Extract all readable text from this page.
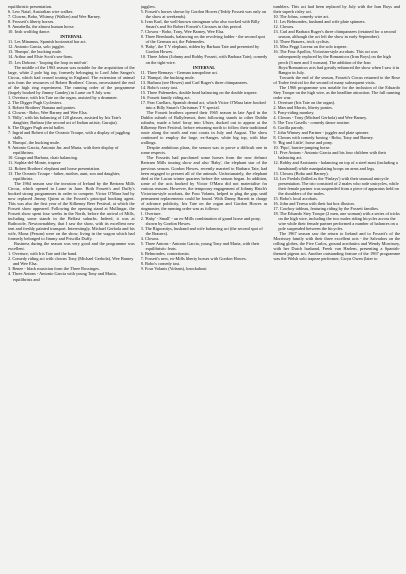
equilibristic presentation.

6. Lew Natal, Australian wire walker.

7. Clowns, Bobo, Whimsy (Walker) and Wee Barney.

8. Frossett's liberty horses.

9. Annabella, the almost human horse.

10. Irish wolfdog dance.

INTERVAL

11. Les Minamus, Spanish horizontal bar act.

12. Antonio Garcia, solo juggler.

13. 'Bumpa', the bucking mule.

14. Arthur and Elsie Scott's sea-lions.

15. Les Dobons - 'looping the loop in mid-air'.

The middle of the 1963 season was notable for the acquisition of the large, white 2 pole big top, formerly belonging to Lord John Sanger's Circus, which had ceased touring in England. The extension of animal acts from the resources of Robert Brothers' Circus, necessitated the end of the high ring experiment. The running order of the programme (largely booked by Jimmy Gandey) in Larne on 9 July was:

1. Overture, with Iris Tate on the organ, assisted by a drummer.

2. The Digger Pugh Cyclesters.

3. Robert Brothers' Banana and ponies.

4. Clowns - Bobo, Wee Barney and Wee Elsa.

5. 'Billy', with his balancing of 120 glasses, assisted by Iris Tate's daughter, Barbara (the second act of Indian artiste, Gurujia).

6. The Digger Pugh aerial ballet.

7. Ingrid and Robert of the Oceanic Troupe, with a display of juggling skills.

8. 'Bumpa', the bucking mule.

9. Antonio Garcia, Antonio Jnr. and Maria, with their display of equilibrism.

10. Gauga and Barbara, chair balancing.

11. Sophia-del-Monte, trapeze

12. Robert Brothers' elephant and horse presentation.

13. The Oceanic Troupe - father, mother, aunt, son and daughter, equilibrists.

The 1964 season saw the invasion of Ireland by the Bertram Mills Circus, which opened in Larne in June. Both Fossett's and Duffy's booked strong programmes in order to compete. Victor O'Mara had by now replaced Jimmy Quinn as the Fossett's principal booking agent. This was also the first year of the Kilkenny Beer Festival, at which the Fossett show appeared. Following the opening stand at Mullingar, the Fossett show spent four weeks in the North, before the arrival of Mills, including some stands in the Belfast suburbs. Indeed, it was at Rathcoole, Newtownabbey, that I saw the show, with its excellent new tent and freshly painted transport. Interestingly, Michael Gerbola and his wife, Mona (Pesum) were on the show, living in the wagon which had formerly belonged to Jimmy and Priscilla Duffy.

Business during the season was very good and the programme was excellent.

1. Overture, with Iris Tate and the band.

2. Comedy riding act with clowns Tony (Michael Gerbola), Wee Barney and Wee Elsa.

3. Renee - black musician from the Three Rossinges.

4. Three Antons - Antonio Garcia with young Tony and Maria, equilibrists and

jugglers.

5. Fossett's horses shown by Gordon Howes (Teddy Fossett was only on the show at weekends).

6. Ivan Karl, the well-known strongman who also worked with Billy Smart's and Sir Robert Fossett's Circuses in this period.

7. Clowns - Bobo, Tony, Wee Barney, Wee Elsa.

8. Three Bernhards, balancing on the revolving ladder - the second spot of the German act, the Palemedes.

9. 'Baby', the T V elephant, ridden by Barbara Tate and presented by Gordon Howes.

10. Three Johns (Johnny and Bobby Fossett, with Barbara Tate), comedy on the tight-wire.

INTERVAL

11. Three Rennays - German trampoline act.

12. 'Bumpa', the bucking mule.

13. Barbara (see Howes) and Carl Ruger's three chimpanzees.

14. Bobo's crazy taxi.

15. Three Palemedes, double head balancing on the double trapeze.

16. Fossett family riding act.

17. Fear Cuellars, Spanish dental act, which Victor O'Mara later booked into a Billy Smart's Christmas T V special.

The Fossett brothers opened their 1965 season in late April in the Dublin suburb of Ballyfermot, then following stands in other Dublin suburbs, made a brief foray into Ulster, ducked out to appear at the Kilkenny Beer Festival, before returning north to follow their traditional route along the north and east coasts in July and August. The show continued to employ the large, ex-Sanger, white big top, with blue wallings.

Despite ambitious plans, the season was to prove a difficult one in some respects.

The Fossetts had purchased some horses from the now defunct Bertram Mills touring show and also 'Baby', the elephant star of the previous season. Gordon Howes, recently married to Barbara Tate, had been engaged to present all of the animals. Unfortunately, the elephant died at the Lucan winter quarters before the season began. In addition, some of the acts booked by Victor O'Mara did not materialise for various reasons. However, the temporary engagement of Johnny Hatch's Victorian-style acrobats, the Four Volants, helped to plug the gap, until permanent replacements could be found. With Danny Barrett in charge of advance publicity, Iris Tate on the organ and Gordon Howes as ringmaster, the running order was as follows:

1. Overture.

2. 'Baby' - Small' - an ex-Mills combination of grand horse and pony, shown by Gordon Howes.

3. The Rigoonitys, husband and wife balancing act (the second spot of the Brauers).

4. Clowns.

5. Three Antons - Antonio Garcia, young Tony and Maria, with their equilibristic feats.

6. Belmondes, contortionist.

7. Fossett's new, ex-Mills liberty horses with Gordon Howes.

8. Bobo's comedy taxi.

9. Four Volants (Volants), knockabout

tumblers. This act had been replaced by July with the Iran Boys and their superb risley act.

10. The Johns, comedy wire act.

11. Les Belmondes, husband and wife plate spinners.

12. Clowns.

13. Carl and Barbara Ruger's three chimpanzees (retained for a second season, although the act left the show in early September).

14. Three Brauers, trick cyclists.

15. Miss Peggi Lorenz on the solo trapeze.

16. The Four Apollos, Victorian-style acrobats. This act was subsequently replaced by the Romanicos (Iran Boys) on the high perch (3 men and 3 woman). The addition of the Iran Boys/Romanicos acts had greatly enhanced the show when I saw it in Bangor in July.

Towards the end of the season, Fossett's Circus returned to the Rose of Tralee festival for the second of many subsequent visits.

The 1966 programme was notable for the inclusion of the Eduardo Stey Troupe on the high wire, as the headline attraction. The full running order was:

1. Overture (Iris Tate on the organ).

2. Man and Morris, liberty ponies.

3. Pony-riding monkey.

4. Clowns - Tony (Michael Gerbola) and Wee Barney.

5. The Two Gasells - comedy dance routine.

6. Gorilla parody.

7. John Winney and Partner - juggler and plate spinner.

8. Clowns with comedy boxing - Bobo, Tony and Barney.

9. 'Big and Little', horse and pony.

10. 'Pipo', barrier-jumping horse.

11. Five Antons - Antonio Garcia and his four children with their balancing act.

12. Robby and Assistants - balancing on top of a steel mast (including a handstand) while manipulating hoops on arms and legs.

13. Clowns (Bobo and Barney).

14. Les Fredals (billed as the 'Finlays') with their unusual unicycle presentation. The trio consisted of 2 males who rode unicycles, while their female partner was suspended from a piece of apparatus held on the shoulders of the males.

15. Bobo's local acrobats.

16. John and Teresa with their hat box illusion.

17. Cowboy tableau, featuring riding by the Fossett families.

18. The Eduardo Stey Troupe (2 men, one woman) with a series of tricks on the high wire, including the two males riding bicycles across the wire while their female partner performed a number of balances on a pole suspended between the bicycles.

The 1967 season saw the return to Ireland and to Fossett's of the Morrissey family with their three excellent acts - the Salvadors on the rolling globes, the Five Carlos, ground acrobatics and Wendy Morrissey, with her Dutch husband, Freek van Harlem, presenting a Spanish-themed pigeon act. Another outstanding feature of the 1967 programme was the Welsh solo trapeze performer, Gwyn Owen (later to
